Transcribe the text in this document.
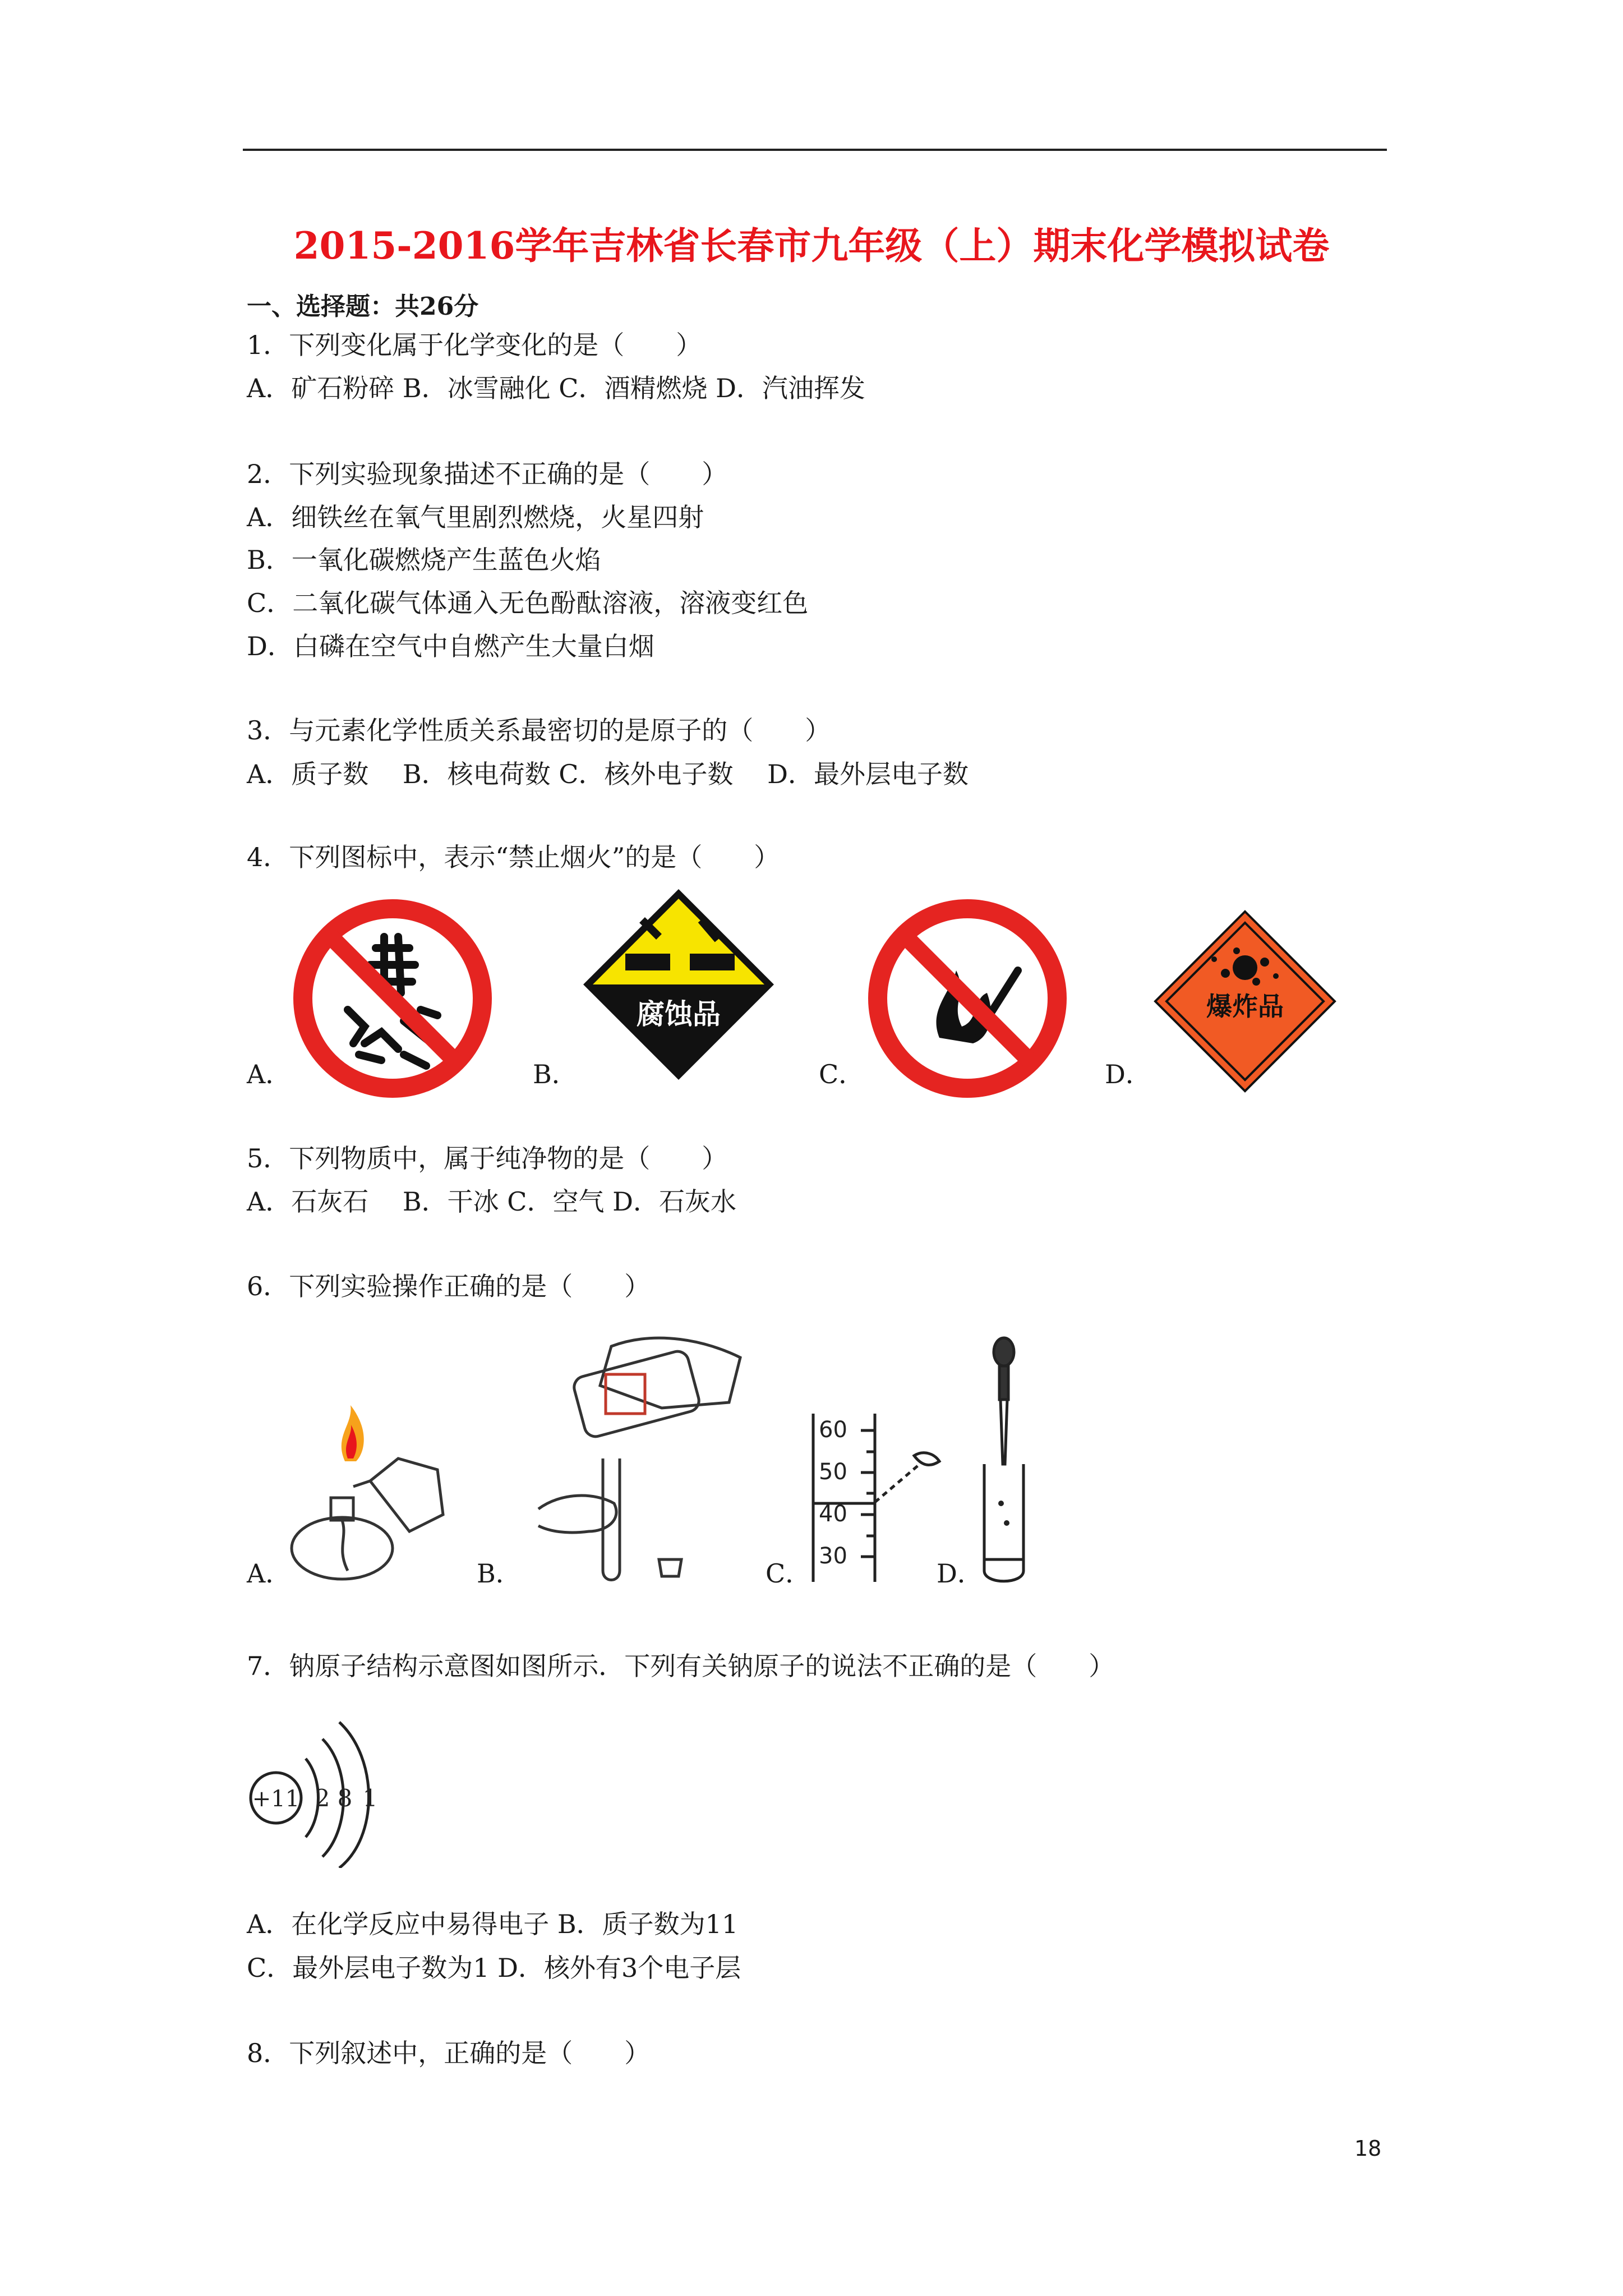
2015-2016学年吉林省长春市九年级（上）期末化学模拟试卷
一、选择题：共26分
1．下列变化属于化学变化的是（　　）
A．矿石粉碎 B．冰雪融化 C．酒精燃烧 D．汽油挥发
2．下列实验现象描述不正确的是（　　）
A．细铁丝在氧气里剧烈燃烧，火星四射
B．一氧化碳燃烧产生蓝色火焰
C．二氧化碳气体通入无色酚酞溶液，溶液变红色
D．白磷在空气中自燃产生大量白烟
3．与元素化学性质关系最密切的是原子的（　　）
A．质子数　 B．核电荷数 C．核外电子数　 D．最外层电子数
4．下列图标中，表示“禁止烟火”的是（　　）
A．
腐蚀品
B．	C．
爆炸品
D．
5．下列物质中，属于纯净物的是（　　）
A．石灰石　 B．干冰 C．空气 D．石灰水
6．下列实验操作正确的是（　　）
A．	B．
60
50
40
30
C．	D．
7．钠原子结构示意图如图所示．下列有关钠原子的说法不正确的是（　　）
+11 2 8 1
A．在化学反应中易得电子 B．质子数为11
C．最外层电子数为1 D．核外有3个电子层
8．下列叙述中，正确的是（　　）
18
